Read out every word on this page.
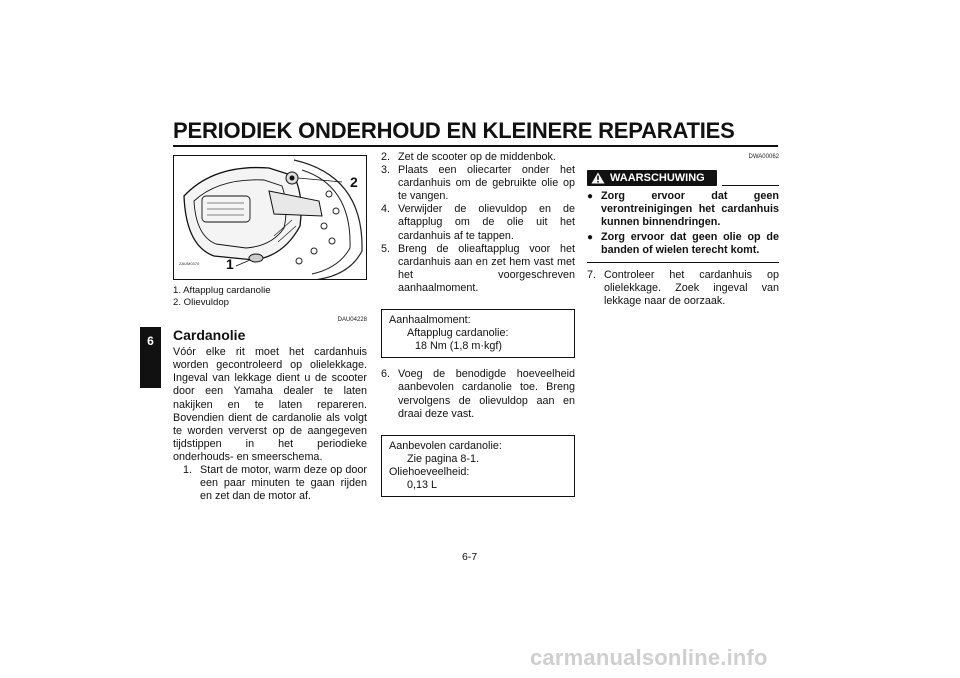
PERIODIEK ONDERHOUD EN KLEINERE REPARATIES
6
2
1
ZAUM0370
1. Aftapplug cardanolie
2. Olievuldop
DAU04228
Cardanolie

Vóór elke rit moet het cardanhuis worden gecontroleerd op olielekkage. Ingeval van lekkage dient u de scooter door een Yamaha dealer te laten nakijken en te laten repareren. Bovendien dient de cardanolie als volgt te worden ververst op de aangegeven tijdstippen in het periodieke onderhouds- en smeerschema.

1. Start de motor, warm deze op door een paar minuten te gaan rijden en zet dan de motor af.
2. Zet de scooter op de middenbok.
3. Plaats een oliecarter onder het cardanhuis om de gebruikte olie op te vangen.
4. Verwijder de olievuldop en de aftapplug om de olie uit het cardanhuis af te tappen.
5. Breng de olieaftapplug voor het cardanhuis aan en zet hem vast met het voorgeschreven aanhaalmoment.
Aanhaalmoment:
Aftapplug cardanolie:
18 Nm (1,8 m·kgf)
6. Voeg de benodigde hoeveelheid aanbevolen cardanolie toe. Breng vervolgens de olievuldop aan en draai deze vast.
Aanbevolen cardanolie:
Zie pagina 8-1.
Oliehoeveelheid:
0,13 L
DWA00062
WAARSCHUWING
● Zorg ervoor dat geen verontreinigingen het cardanhuis kunnen binnendringen.
● Zorg ervoor dat geen olie op de banden of wielen terecht komt.
7. Controleer het cardanhuis op olielekkage. Zoek ingeval van lekkage naar de oorzaak.
6-7
carmanualsonline.info
